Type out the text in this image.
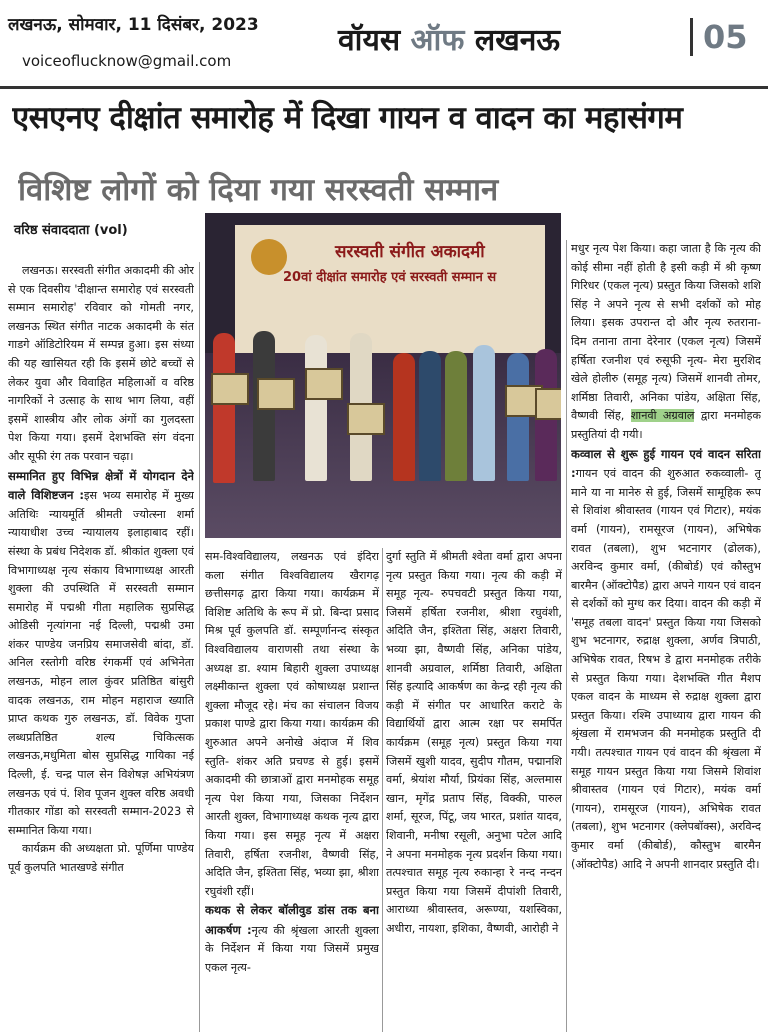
लखनऊ, सोमवार, 11 दिसंबर, 2023
voiceoflucknow@gmail.com
वॉयस ऑफ लखनऊ	05
एसएनए दीक्षांत समारोह में दिखा गायन व वादन का महासंगम
विशिष्ट लोगों को दिया गया सरस्वती सम्मान
वरिष्ठ संवाददाता (vol)
सरस्वती संगीत अकादमी
20वां दीक्षांत समारोह एवं सरस्वती सम्मान स

लखनऊ। सरस्वती संगीत अकादमी की ओर से एक दिवसीय 'दीक्षान्त समारोह एवं सरस्वती सम्मान समारोह' रविवार को गोमती नगर, लखनऊ स्थित संगीत नाटक अकादमी के संत गाडगे ऑडिटोरियम में सम्पन्न हुआ। इस संध्या की यह खासियत रही कि इसमें छोटे बच्चों से लेकर युवा और विवाहित महिलाओं व वरिष्ठ नागरिकों ने उत्साह के साथ भाग लिया, वहीं इसमें शास्त्रीय और लोक अंगों का गुलदस्ता पेश किया गया। इसमें देशभक्ति संग वंदना और सूफी रंग तक परवान चढ़ा।

सम्मानित हुए विभिन्न क्षेत्रों में योगदान देने वाले विशिष्टजन :इस भव्य समारोह में मुख्य अतिथिः न्यायमूर्ति श्रीमती ज्योत्स्ना शर्मा न्यायाधीश उच्च न्यायालय इलाहाबाद रहीं। संस्था के प्रबंध निदेशक डॉ. श्रीकांत शुक्ला एवं विभागाध्यक्ष नृत्य संकाय विभागाध्यक्ष आरती शुक्ला की उपस्थिति में सरस्वती सम्मान समारोह में पद्मश्री गीता महालिक सुप्रसिद्ध ओडिसी नृत्यांगना नई दिल्ली, पद्मश्री उमा शंकर पाण्डेय जनप्रिय समाजसेवी बांदा, डॉ. अनिल रस्तोगी वरिष्ठ रंगकर्मी एवं अभिनेता लखनऊ, मोहन लाल कुंवर प्रतिष्ठित बांसुरी वादक लखनऊ, राम मोहन महाराज ख्याति प्राप्त कथक गुरु लखनऊ, डॉ. विवेक गुप्ता लब्धप्रतिष्ठित शल्य चिकित्सक लखनऊ,मधुमिता बोस सुप्रसिद्ध गायिका नई दिल्ली, ई. चन्द्र पाल सेन विशेषज्ञ अभियंत्रण लखनऊ एवं पं. शिव पूजन शुक्ल वरिष्ठ अवधी गीतकार गोंडा को सरस्वती सम्मान-2023 से सम्मानित किया गया।

कार्यक्रम की अध्यक्षता प्रो. पूर्णिमा पाण्डेय पूर्व कुलपति भातखण्डे संगीत

सम-विश्वविद्यालय, लखनऊ एवं इंदिरा कला संगीत विश्वविद्यालय खैरागढ़ छत्तीसगढ़ द्वारा किया गया। कार्यक्रम में विशिष्ट अतिथि के रूप में प्रो. बिन्दा प्रसाद मिश्र पूर्व कुलपति डॉ. सम्पूर्णानन्द संस्कृत विश्वविद्यालय वाराणसी तथा संस्था के अध्यक्ष डा. श्याम बिहारी शुक्ला उपाध्यक्ष लक्ष्मीकान्त शुक्ला एवं कोषाध्यक्ष प्रशान्त शुक्ला मौजूद रहे। मंच का संचालन विजय प्रकाश पाण्डे द्वारा किया गया। कार्यक्रम की शुरुआत अपने अनोखे अंदाज में शिव स्तुति- शंकर अति प्रचण्ड से हुई। इसमें अकादमी की छात्राओं द्वारा मनमोहक समूह नृत्य पेश किया गया, जिसका निर्देशन आरती शुक्ल, विभागाध्यक्ष कथक नृत्य द्वारा किया गया। इस समूह नृत्य में अक्षरा तिवारी, हर्षिता रजनीश, वैष्णवी सिंह, अदिति जैन, इश्तिता सिंह, भव्या झा, श्रीशा रघुवंशी रहीं।

कथक से लेकर बॉलीवुड डांस तक बना आकर्षण :नृत्य की श्रृंखला आरती शुक्ला के निर्देशन में किया गया जिसमें प्रमुख एकल नृत्य-

दुर्गा स्तुति में श्रीमती श्वेता वर्मा द्वारा अपना नृत्य प्रस्तुत किया गया। नृत्य की कड़ी में समूह नृत्य- रुपचवटी प्रस्तुत किया गया, जिसमें हर्षिता रजनीश, श्रीशा रघुवंशी, अदिति जैन, इश्तिता सिंह, अक्षरा तिवारी, भव्या झा, वैष्णवी सिंह, अनिका पांडेय, शानवी अग्रवाल, शर्मिष्ठा तिवारी, अक्षिता सिंह इत्यादि आकर्षण का केन्द्र रही नृत्य की कड़ी में संगीत पर आधारित कराटे के विद्यार्थियों द्वारा आत्म रक्षा पर समर्पित कार्यक्रम (समूह नृत्य) प्रस्तुत किया गया जिसमें खुशी यादव, सुदीप गौतम, पद्मानशि वर्मा, श्रेयांश मौर्या, प्रियंका सिंह, अल्तमास खान, मृगेंद्र प्रताप सिंह, विक्की, पारुल शर्मा, सूरज, पिंटू, जय भारत, प्रशांत यादव, शिवानी, मनीषा रसूली, अनुभा पटेल आदि ने अपना मनमोहक नृत्य प्रदर्शन किया गया। तत्पश्चात समूह नृत्य रुकान्हा रे नन्द नन्दन प्रस्तुत किया गया जिसमें दीपांशी तिवारी, आराध्या श्रीवास्तव, अरूण्या, यशस्विका, अधीरा, नायशा, इशिका, वैष्णवी, आरोही ने

मधुर नृत्य पेश किया। कहा जाता है कि नृत्य की कोई सीमा नहीं होती है इसी कड़ी में श्री कृष्ण गिरिधर (एकल नृत्य) प्रस्तुत किया जिसको शशि सिंह ने अपने नृत्य से सभी दर्शकों को मोह लिया। इसक उपरान्त दो और नृत्य रुतराना- दिम तनाना ताना देरेनार (एकल नृत्य) जिसमें हर्षिता रजनीश एवं रुसूफी नृत्य- मेरा मुरशिद खेले होलीरु (समूह नृत्य) जिसमें शानवी तोमर, शर्मिष्ठा तिवारी, अनिका पांडेय, अक्षिता सिंह, वैष्णवी सिंह, शानवी अग्रवाल द्वारा मनमोहक प्रस्तुतियां दी गयी।

कव्वाल से शुरू हुई गायन एवं वादन सरिता :गायन एवं वादन की शुरुआत रुकव्वाली- तू माने या ना मानेरु से हुई, जिसमें सामूहिक रूप से शिवांश श्रीवास्तव (गायन एवं गिटार), मयंक वर्मा (गायन), रामसूरज (गायन), अभिषेक रावत (तबला), शुभ भटनागर (ढोलक), अरविन्द कुमार वर्मा, (कीबोर्ड) एवं कौस्तुभ बारमैन (ऑक्टोपैड) द्वारा अपने गायन एवं वादन से दर्शकों को मुग्ध कर दिया। वादन की कड़ी में 'समूह तबला वादन' प्रस्तुत किया गया जिसको शुभ भटनागर, रुद्राक्ष शुक्ला, अर्णव त्रिपाठी, अभिषेक रावत, रिषभ डे द्वारा मनमोहक तरीके से प्रस्तुत किया गया। देशभक्ति गीत मैशप एकल वादन के माध्यम से रुद्राक्ष शुक्ला द्वारा प्रस्तुत किया। रश्मि उपाध्याय द्वारा गायन की श्रृंखला में रामभजन की मनमोहक प्रस्तुति दी गयी। तत्पश्चात गायन एवं वादन की श्रृंखला में समूह गायन प्रस्तुत किया गया जिसमे शिवांश श्रीवास्तव (गायन एवं गिटार), मयंक वर्मा (गायन), रामसूरज (गायन), अभिषेक रावत (तबला), शुभ भटनागर (क्लेपबॉक्स), अरविन्द कुमार वर्मा (कीबोर्ड), कौस्तुभ बारमैन (ऑक्टोपैड) आदि ने अपनी शानदार प्रस्तुति दी।
